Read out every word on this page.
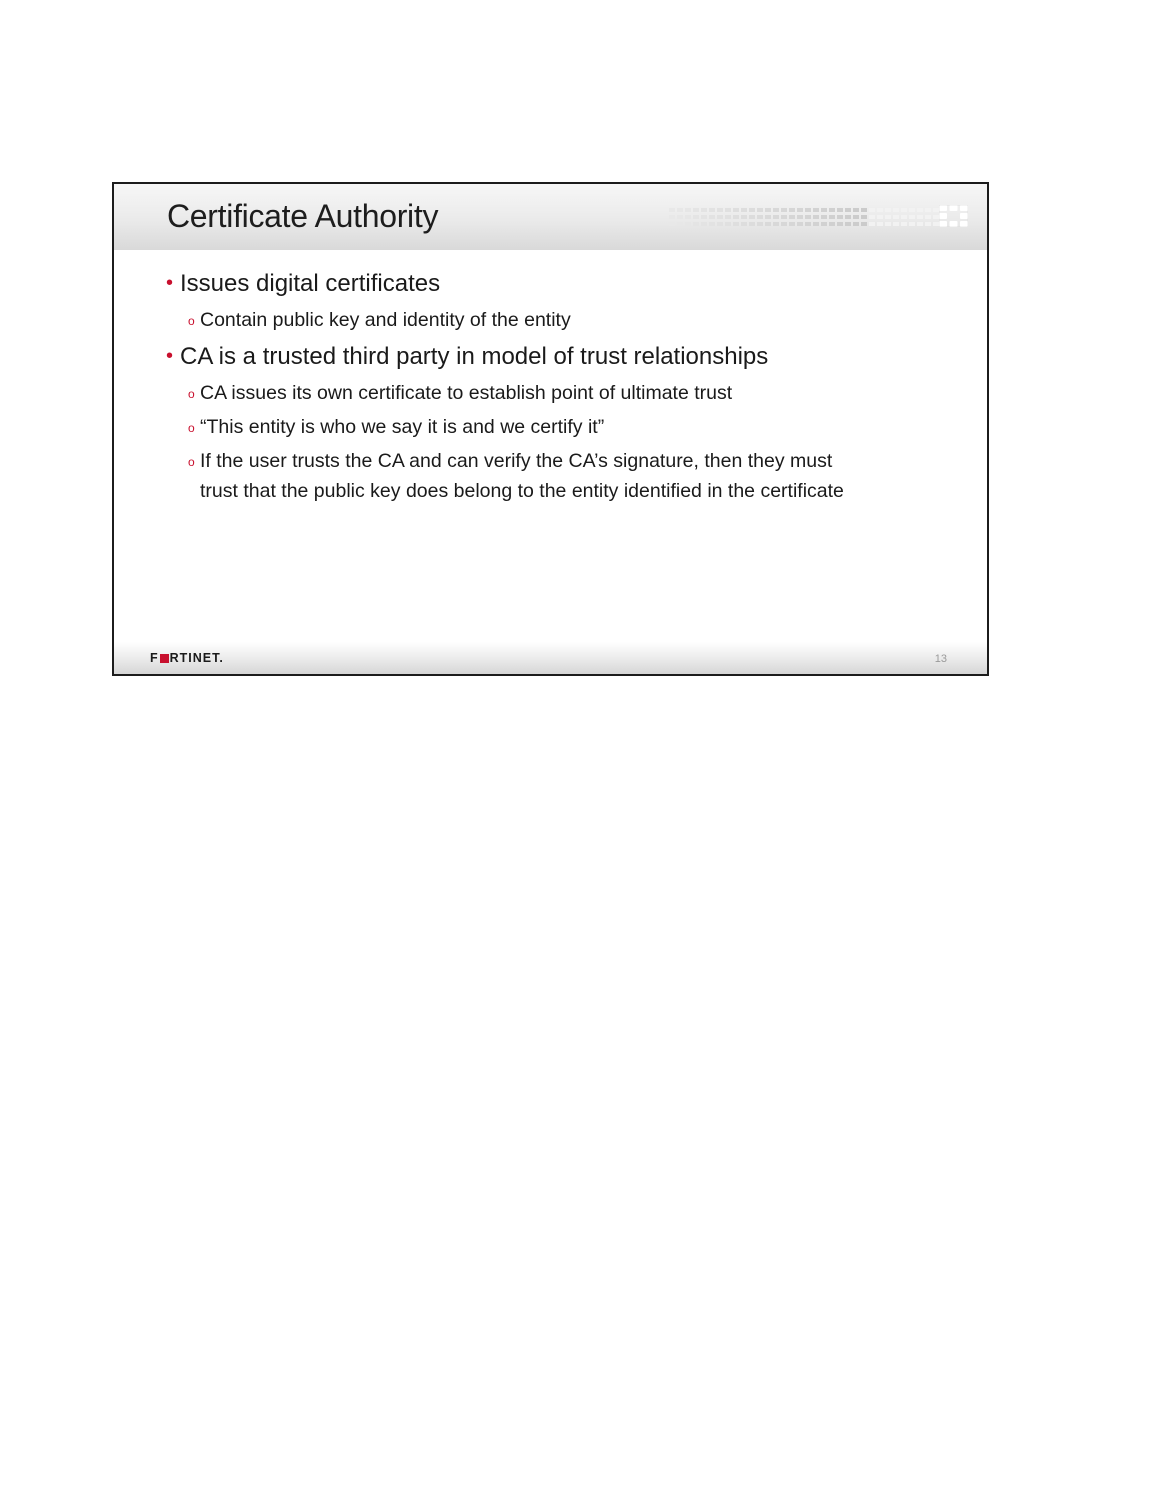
Certificate Authority
• Issues digital certificates
o Contain public key and identity of the entity
• CA is a trusted third party in model of trust relationships
o CA issues its own certificate to establish point of ultimate trust
o “This entity is who we say it is and we certify it”
o If the user trusts the CA and can verify the CA’s signature, then they must
trust that the public key does belong to the entity identified in the certificate
F RTINET.	13
